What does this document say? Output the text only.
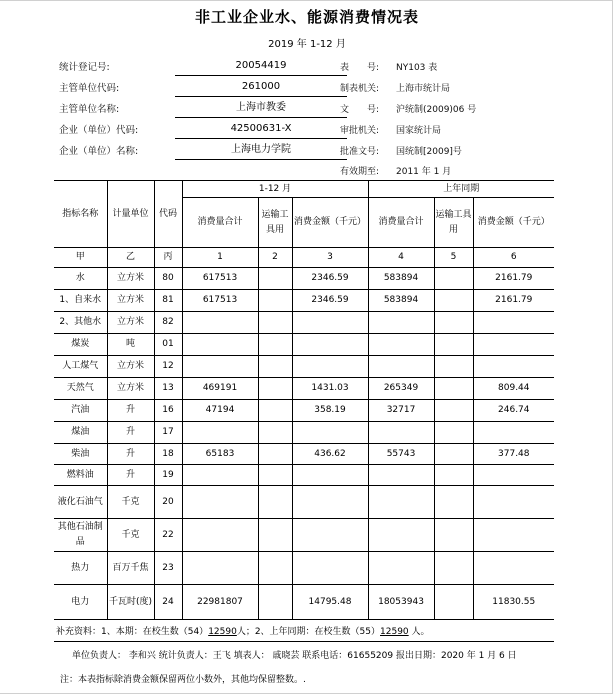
非工业企业水、能源消费情况表
2019 年 1-12 月
统计登记号:	20054419
主管单位代码:	261000
主管单位名称:	上海市教委
企业（单位）代码:	42500631-X
企业（单位）名称:	上海电力学院
表　　号:	NY103 表
制表机关:	上海市统计局
文　　号:	沪统制(2009)06 号
审批机关:	国家统计局
批准文号:	国统制[2009]号
有效期至:	2011 年 1 月
指标名称	计量单位	代码	1-12 月			上年同期		
			消费量合计	运输工具用	消费金额（千元）	消费量合计	运输工具用	消费金额（千元）
甲	乙	丙	1	2	3	4	5	6
水	立方米	80	617513		2346.59	583894		2161.79
1、自来水	立方米	81	617513		2346.59	583894		2161.79
2、其他水	立方米	82						
煤炭	吨	01						
人工煤气	立方米	12						
天然气	立方米	13	469191		1431.03	265349		809.44
汽油	升	16	47194		358.19	32717		246.74
煤油	升	17						
柴油	升	18	65183		436.62	55743		377.48
燃料油	升	19						
液化石油气	千克	20						
其他石油制品	千克	22						
热力	百万千焦	23						
电力	千瓦时(度)	24	22981807		14795.48	18053943		11830.55
补充资料：1、本期：在校生数（54）12590人；2、上年同期：在校生数（55）12590 人。
单位负责人： 李和兴 统计负责人：王飞 填表人： 戚晓芸 联系电话：61655209 报出日期：2020 年 1 月 6 日
注：本表指标除消费金额保留两位小数外，其他均保留整数。.
